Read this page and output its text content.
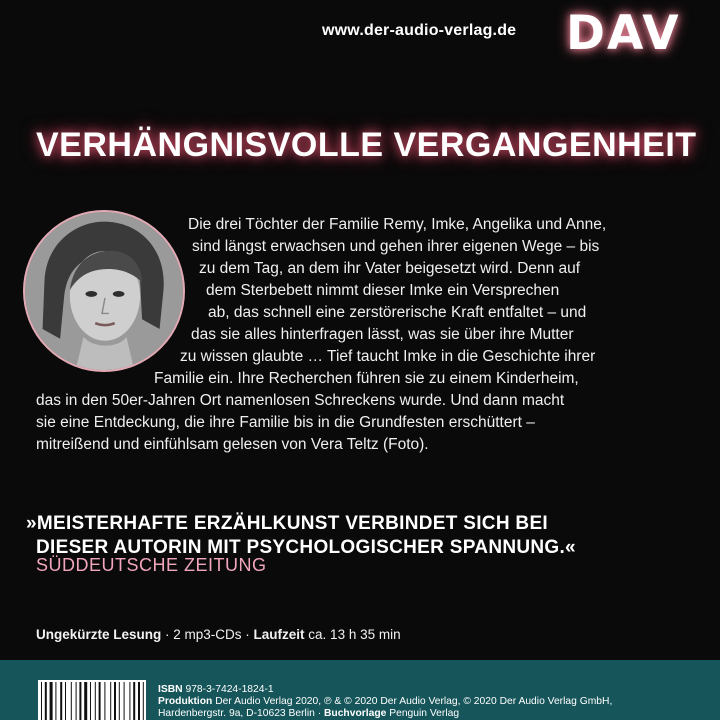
www.der-audio-verlag.de DAV
VERHÄNGNISVOLLE VERGANGENHEIT
Die drei Töchter der Familie Remy, Imke, Angelika und Anne,
sind längst erwachsen und gehen ihrer eigenen Wege – bis
zu dem Tag, an dem ihr Vater beigesetzt wird. Denn auf
dem Sterbebett nimmt dieser Imke ein Versprechen
ab, das schnell eine zerstörerische Kraft entfaltet – und
das sie alles hinterfragen lässt, was sie über ihre Mutter
zu wissen glaubte … Tief taucht Imke in die Geschichte ihrer
Familie ein. Ihre Recherchen führen sie zu einem Kinderheim,
das in den 50er-Jahren Ort namenlosen Schreckens wurde. Und dann macht
sie eine Entdeckung, die ihre Familie bis in die Grundfesten erschüttert –
mitreißend und einfühlsam gelesen von Vera Teltz (Foto).
»MEISTERHAFTE ERZÄHLKUNST VERBINDET SICH BEI
DIESER AUTORIN MIT PSYCHOLOGISCHER SPANNUNG.«
SÜDDEUTSCHE ZEITUNG
Ungekürzte Lesung · 2 mp3-CDs · Laufzeit ca. 13 h 35 min
ISBN 978-3-7424-1824-1
Produktion Der Audio Verlag 2020, ℗ & © 2020 Der Audio Verlag, © 2020 Der Audio Verlag GmbH,
Hardenbergstr. 9a, D-10623 Berlin · Buchvorlage Penguin Verlag
